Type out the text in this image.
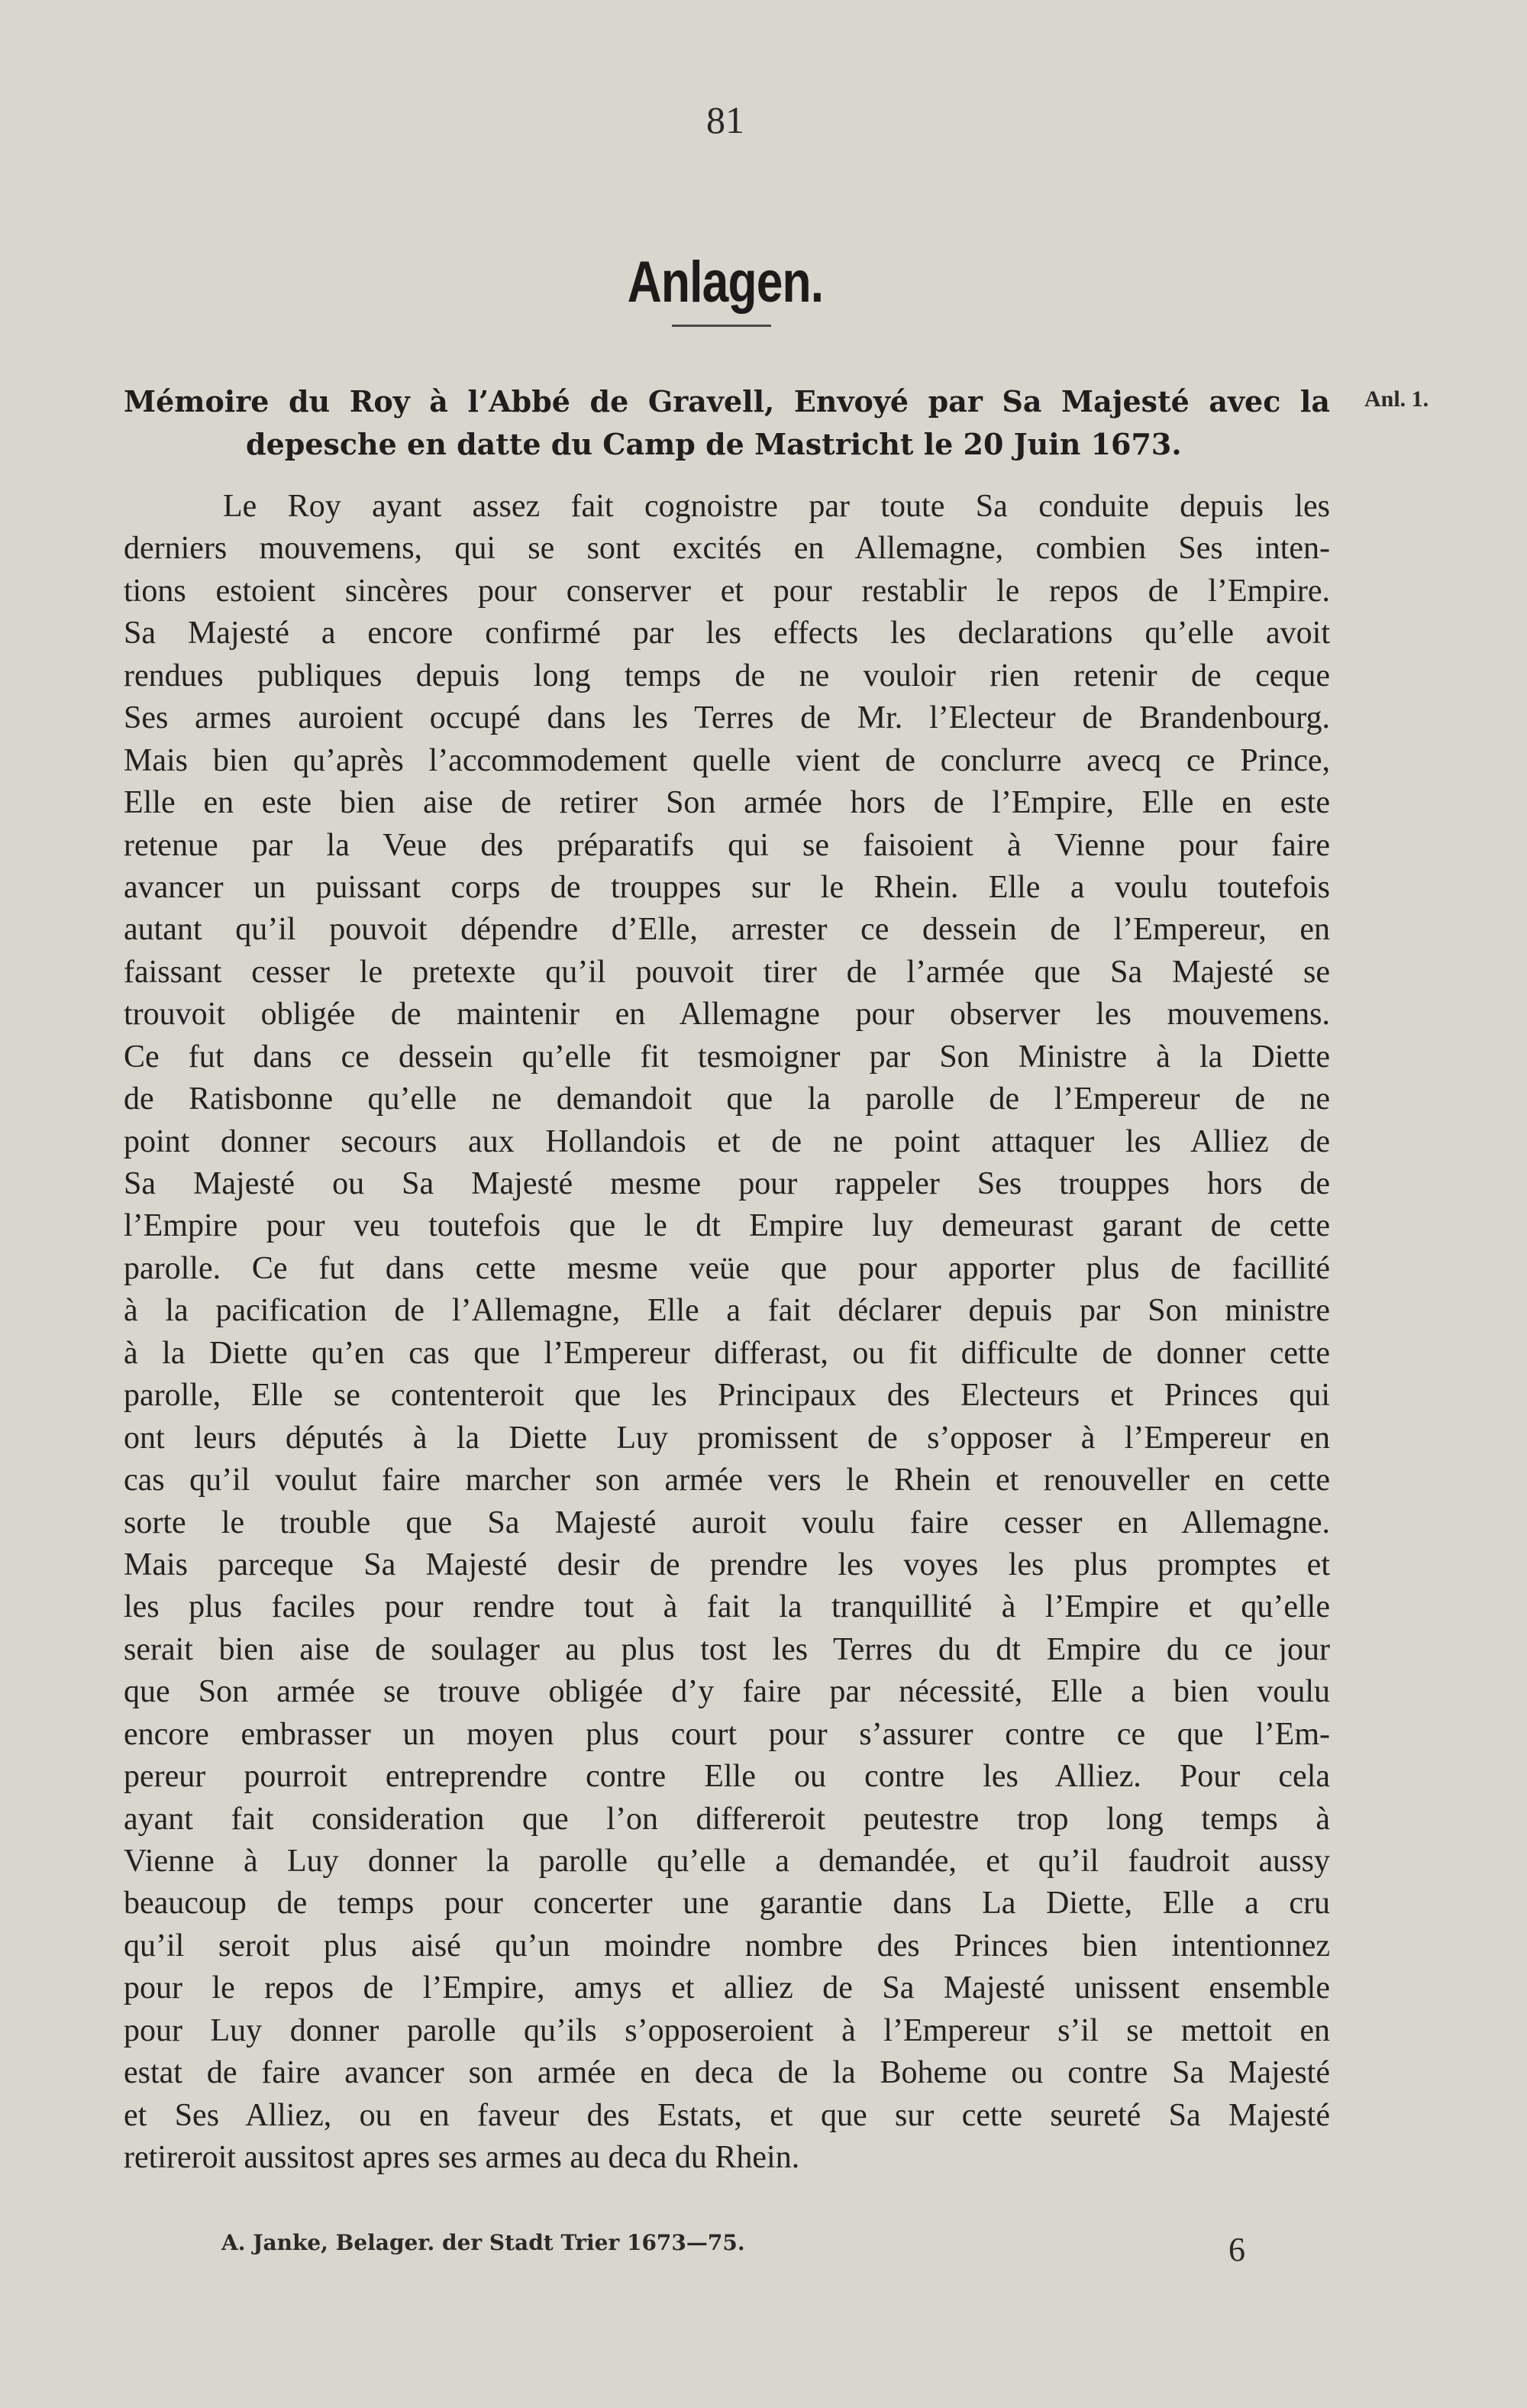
81
Anlagen.
Mémoire du Roy à l’Abbé de Gravell, Envoyé par Sa Majesté avec la
depesche en datte du Camp de Mastricht le 20 Juin 1673.
Anl. 1.
Le Roy ayant assez fait cognoistre par toute Sa conduite depuis les
derniers mouvemens, qui se sont excités en Allemagne, combien Ses inten-
tions estoient sincères pour conserver et pour restablir le repos de l’Empire.
Sa Majesté a encore confirmé par les effects les declarations qu’elle avoit
rendues publiques depuis long temps de ne vouloir rien retenir de ceque
Ses armes auroient occupé dans les Terres de Mr. l’Electeur de Brandenbourg.
Mais bien qu’après l’accommodement quelle vient de conclurre avecq ce Prince,
Elle en este bien aise de retirer Son armée hors de l’Empire, Elle en este
retenue par la Veue des préparatifs qui se faisoient à Vienne pour faire
avancer un puissant corps de trouppes sur le Rhein. Elle a voulu toutefois
autant qu’il pouvoit dépendre d’Elle, arrester ce dessein de l’Empereur, en
faissant cesser le pretexte qu’il pouvoit tirer de l’armée que Sa Majesté se
trouvoit obligée de maintenir en Allemagne pour observer les mouvemens.
Ce fut dans ce dessein qu’elle fit tesmoigner par Son Ministre à la Diette
de Ratisbonne qu’elle ne demandoit que la parolle de l’Empereur de ne
point donner secours aux Hollandois et de ne point attaquer les Alliez de
Sa Majesté ou Sa Majesté mesme pour rappeler Ses trouppes hors de
l’Empire pour veu toutefois que le dt Empire luy demeurast garant de cette
parolle. Ce fut dans cette mesme veüe que pour apporter plus de facillité
à la pacification de l’Allemagne, Elle a fait déclarer depuis par Son ministre
à la Diette qu’en cas que l’Empereur differast, ou fit difficulte de donner cette
parolle, Elle se contenteroit que les Principaux des Electeurs et Princes qui
ont leurs députés à la Diette Luy promissent de s’opposer à l’Empereur en
cas qu’il voulut faire marcher son armée vers le Rhein et renouveller en cette
sorte le trouble que Sa Majesté auroit voulu faire cesser en Allemagne.
Mais parceque Sa Majesté desir de prendre les voyes les plus promptes et
les plus faciles pour rendre tout à fait la tranquillité à l’Empire et qu’elle
serait bien aise de soulager au plus tost les Terres du dt Empire du ce jour
que Son armée se trouve obligée d’y faire par nécessité, Elle a bien voulu
encore embrasser un moyen plus court pour s’assurer contre ce que l’Em-
pereur pourroit entreprendre contre Elle ou contre les Alliez. Pour cela
ayant fait consideration que l’on differeroit peutestre trop long temps à
Vienne à Luy donner la parolle qu’elle a demandée, et qu’il faudroit aussy
beaucoup de temps pour concerter une garantie dans La Diette, Elle a cru
qu’il seroit plus aisé qu’un moindre nombre des Princes bien intentionnez
pour le repos de l’Empire, amys et alliez de Sa Majesté unissent ensemble
pour Luy donner parolle qu’ils s’opposeroient à l’Empereur s’il se mettoit en
estat de faire avancer son armée en deca de la Boheme ou contre Sa Majesté
et Ses Alliez, ou en faveur des Estats, et que sur cette seureté Sa Majesté
retireroit aussitost apres ses armes au deca du Rhein.
A. Janke, Belager. der Stadt Trier 1673—75.	6
